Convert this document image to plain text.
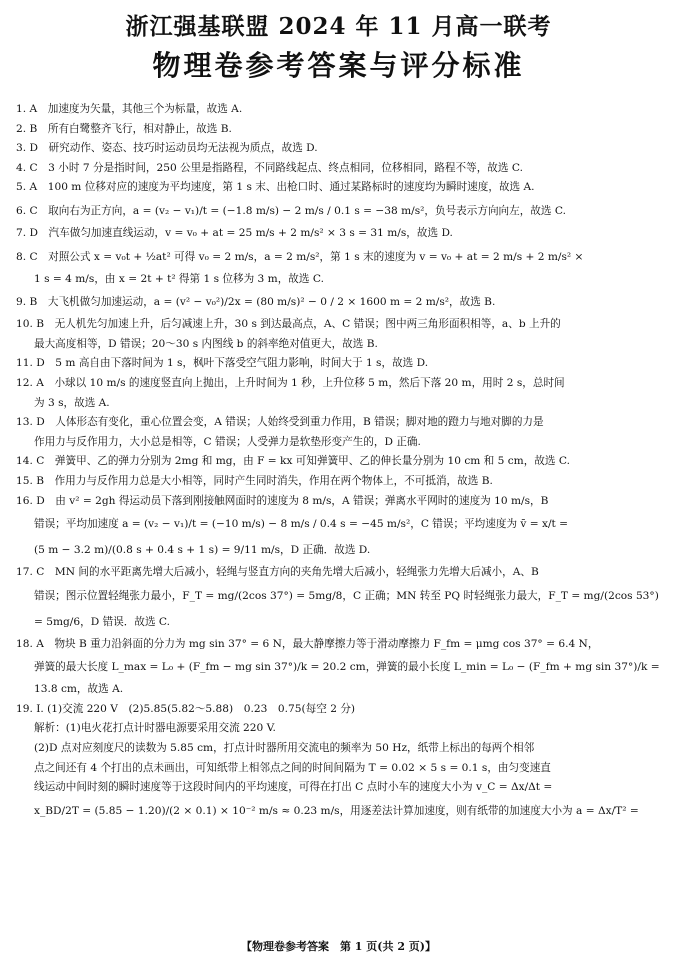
浙江强基联盟 2024 年 11 月高一联考
物理卷参考答案与评分标准
1. A　加速度为矢量，其他三个为标量，故选 A.
2. B　所有白鹭整齐飞行，相对静止，故选 B.
3. D　研究动作、姿态、技巧时运动员均无法视为质点，故选 D.
4. C　3 小时 7 分是指时间，250 公里是指路程，不同路线起点、终点相同，位移相同，路程不等，故选 C.
5. A　100 m 位移对应的速度为平均速度，第 1 s 末、出枪口时、通过某路标时的速度均为瞬时速度，故选 A.
6. C　取向右为正方向，a = (v₂ − v₁)/t = (−1.8 m/s) − 2 m/s / 0.1 s = −38 m/s²，负号表示方向向左，故选 C.
7. D　汽车做匀加速直线运动，v = v₀ + at = 25 m/s + 2 m/s² × 3 s = 31 m/s，故选 D.
8. C　对照公式 x = v₀t + ½at² 可得 v₀ = 2 m/s，a = 2 m/s²，第 1 s 末的速度为 v = v₀ + at = 2 m/s + 2 m/s² ×
1 s = 4 m/s，由 x = 2t + t² 得第 1 s 位移为 3 m，故选 C.
9. B　大飞机做匀加速运动，a = (v² − v₀²)/2x = (80 m/s)² − 0 / 2 × 1600 m = 2 m/s²，故选 B.
10. B　无人机先匀加速上升，后匀减速上升，30 s 到达最高点，A、C 错误；图中两三角形面积相等，a、b 上升的
最大高度相等，D 错误；20～30 s 内图线 b 的斜率绝对值更大，故选 B.
11. D　5 m 高自由下落时间为 1 s，枫叶下落受空气阻力影响，时间大于 1 s，故选 D.
12. A　小球以 10 m/s 的速度竖直向上抛出，上升时间为 1 秒，上升位移 5 m，然后下落 20 m，用时 2 s，总时间
为 3 s，故选 A.
13. D　人体形态有变化，重心位置会变，A 错误；人始终受到重力作用，B 错误；脚对地的蹬力与地对脚的力是
作用力与反作用力，大小总是相等，C 错误；人受弹力是软垫形变产生的，D 正确.
14. C　弹簧甲、乙的弹力分别为 2mg 和 mg，由 F = kx 可知弹簧甲、乙的伸长量分别为 10 cm 和 5 cm，故选 C.
15. B　作用力与反作用力总是大小相等，同时产生同时消失，作用在两个物体上，不可抵消，故选 B.
16. D　由 v² = 2gh 得运动员下落到刚接触网面时的速度为 8 m/s，A 错误；弹离水平网时的速度为 10 m/s，B
错误；平均加速度 a = (v₂ − v₁)/t = (−10 m/s) − 8 m/s / 0.4 s = −45 m/s²，C 错误；平均速度为 v̄ = x/t =
(5 m − 3.2 m)/(0.8 s + 0.4 s + 1 s) = 9/11 m/s，D 正确．故选 D.
17. C　MN 间的水平距离先增大后减小，轻绳与竖直方向的夹角先增大后减小，轻绳张力先增大后减小，A、B
错误；图示位置轻绳张力最小，F_T = mg/(2cos 37°) = 5mg/8，C 正确；MN 转至 PQ 时轻绳张力最大，F_T = mg/(2cos 53°)
= 5mg/6，D 错误．故选 C.
18. A　物块 B 重力沿斜面的分力为 mg sin 37° = 6 N，最大静摩擦力等于滑动摩擦力 F_fm = μmg cos 37° = 6.4 N，
弹簧的最大长度 L_max = L₀ + (F_fm − mg sin 37°)/k = 20.2 cm，弹簧的最小长度 L_min = L₀ − (F_fm + mg sin 37°)/k =
13.8 cm，故选 A.
19. Ⅰ. (1)交流 220 V　(2)5.85(5.82～5.88)　0.23　0.75(每空 2 分)
解析：(1)电火花打点计时器电源要采用交流 220 V.
(2)D 点对应刻度尺的读数为 5.85 cm，打点计时器所用交流电的频率为 50 Hz，纸带上标出的每两个相邻
点之间还有 4 个打出的点未画出，可知纸带上相邻点之间的时间间隔为 T = 0.02 × 5 s = 0.1 s，由匀变速直
线运动中间时刻的瞬时速度等于这段时间内的平均速度，可得在打出 C 点时小车的速度大小为 v_C = Δx/Δt =
x_BD/2T = (5.85 − 1.20)/(2 × 0.1) × 10⁻² m/s ≈ 0.23 m/s，用逐差法计算加速度，则有纸带的加速度大小为 a = Δx/T² =
【物理卷参考答案　第 1 页(共 2 页)】
